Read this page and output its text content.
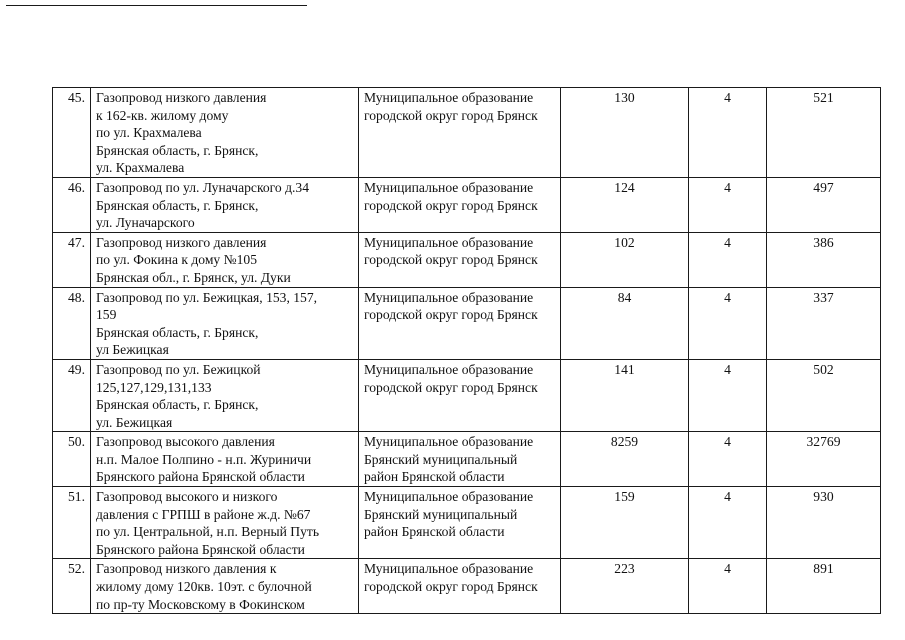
45.	Газопровод низкого давления
к 162-кв. жилому дому
по ул. Крахмалева
Брянская область, г. Брянск,
ул. Крахмалева	Муниципальное образование
городской округ город Брянск	130	4	521
46.	Газопровод по ул. Луначарского д.34
Брянская область, г. Брянск,
ул. Луначарского	Муниципальное образование
городской округ город Брянск	124	4	497
47.	Газопровод низкого давления
по ул. Фокина к дому №105
Брянская обл., г. Брянск, ул. Дуки	Муниципальное образование
городской округ город Брянск	102	4	386
48.	Газопровод по ул. Бежицкая, 153, 157,
159
Брянская область, г. Брянск,
ул Бежицкая	Муниципальное образование
городской округ город Брянск	84	4	337
49.	Газопровод по ул. Бежицкой
125,127,129,131,133
Брянская область, г. Брянск,
ул. Бежицкая	Муниципальное образование
городской округ город Брянск	141	4	502
50.	Газопровод высокого давления
н.п. Малое Полпино - н.п. Журиничи
Брянского района Брянской области	Муниципальное образование
Брянский муниципальный
район Брянской области	8259	4	32769
51.	Газопровод высокого и низкого
давления с ГРПШ в районе ж.д. №67
по ул. Центральной, н.п. Верный Путь
Брянского района Брянской области	Муниципальное образование
Брянский муниципальный
район Брянской области	159	4	930
52.	Газопровод низкого давления к
жилому дому 120кв. 10эт. с булочной
по пр-ту Московскому в Фокинском	Муниципальное образование
городской округ город Брянск	223	4	891
